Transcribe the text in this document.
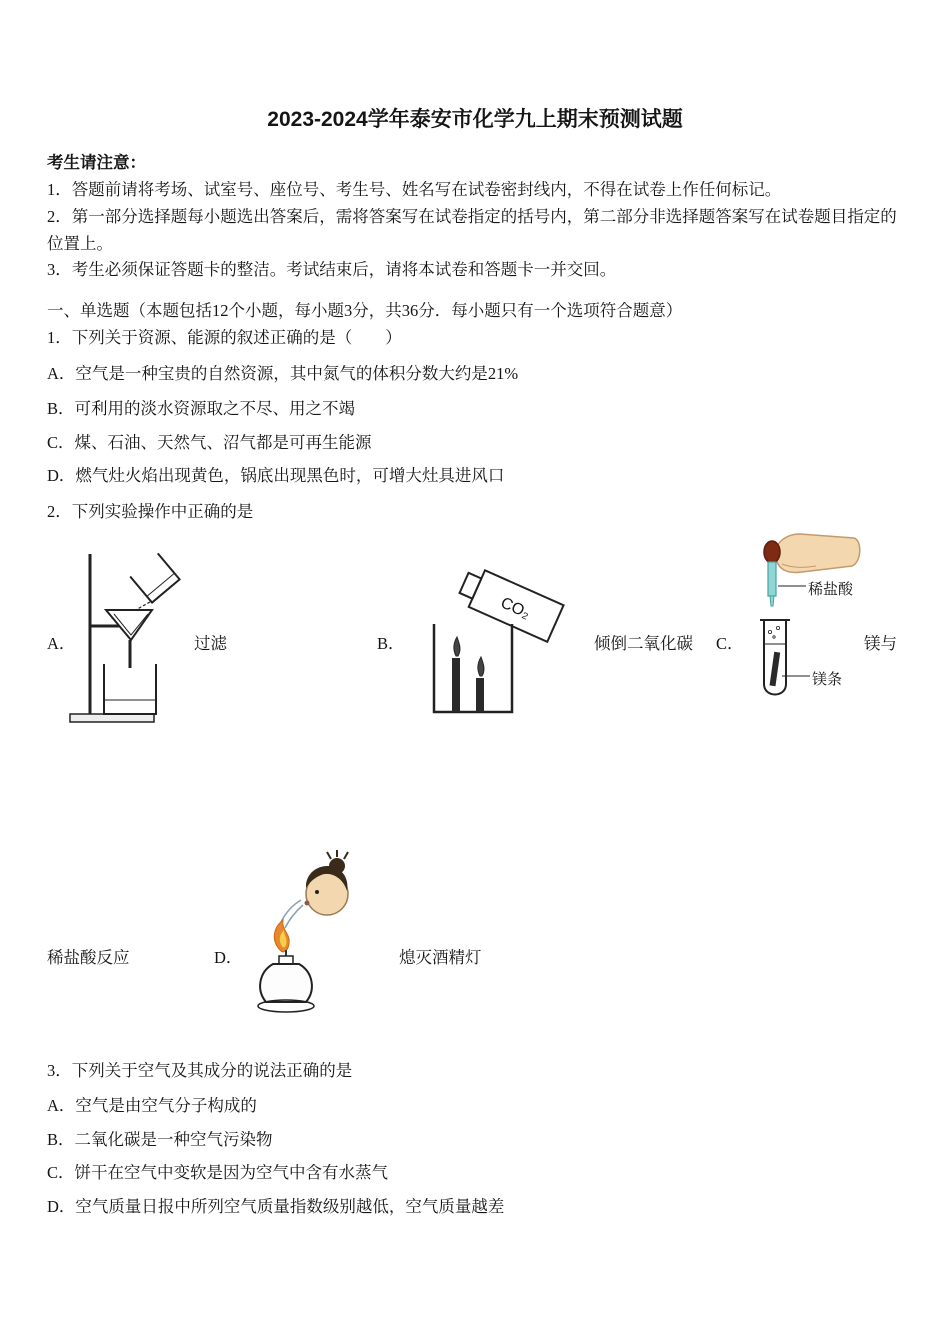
2023-2024学年泰安市化学九上期末预测试题
考生请注意：
1．答题前请将考场、试室号、座位号、考生号、姓名写在试卷密封线内，不得在试卷上作任何标记。
2．第一部分选择题每小题选出答案后，需将答案写在试卷指定的括号内，第二部分非选择题答案写在试卷题目指定的位置上。
3．考生必须保证答题卡的整洁。考试结束后，请将本试卷和答题卡一并交回。
一、单选题（本题包括12个小题，每小题3分，共36分．每小题只有一个选项符合题意）
1．下列关于资源、能源的叙述正确的是（　　）
A．空气是一种宝贵的自然资源，其中氮气的体积分数大约是21%
B．可利用的淡水资源取之不尽、用之不竭
C．煤、石油、天然气、沼气都是可再生能源
D．燃气灶火焰出现黄色，锅底出现黑色时，可增大灶具进风口
2．下列实验操作中正确的是
A．	过滤	B．
CO₂
倾倒二氧化碳 C．
稀盐酸
镁条
镁与
稀盐酸反应	D．	熄灭酒精灯
3．下列关于空气及其成分的说法正确的是
A．空气是由空气分子构成的
B．二氧化碳是一种空气污染物
C．饼干在空气中变软是因为空气中含有水蒸气
D．空气质量日报中所列空气质量指数级别越低，空气质量越差
